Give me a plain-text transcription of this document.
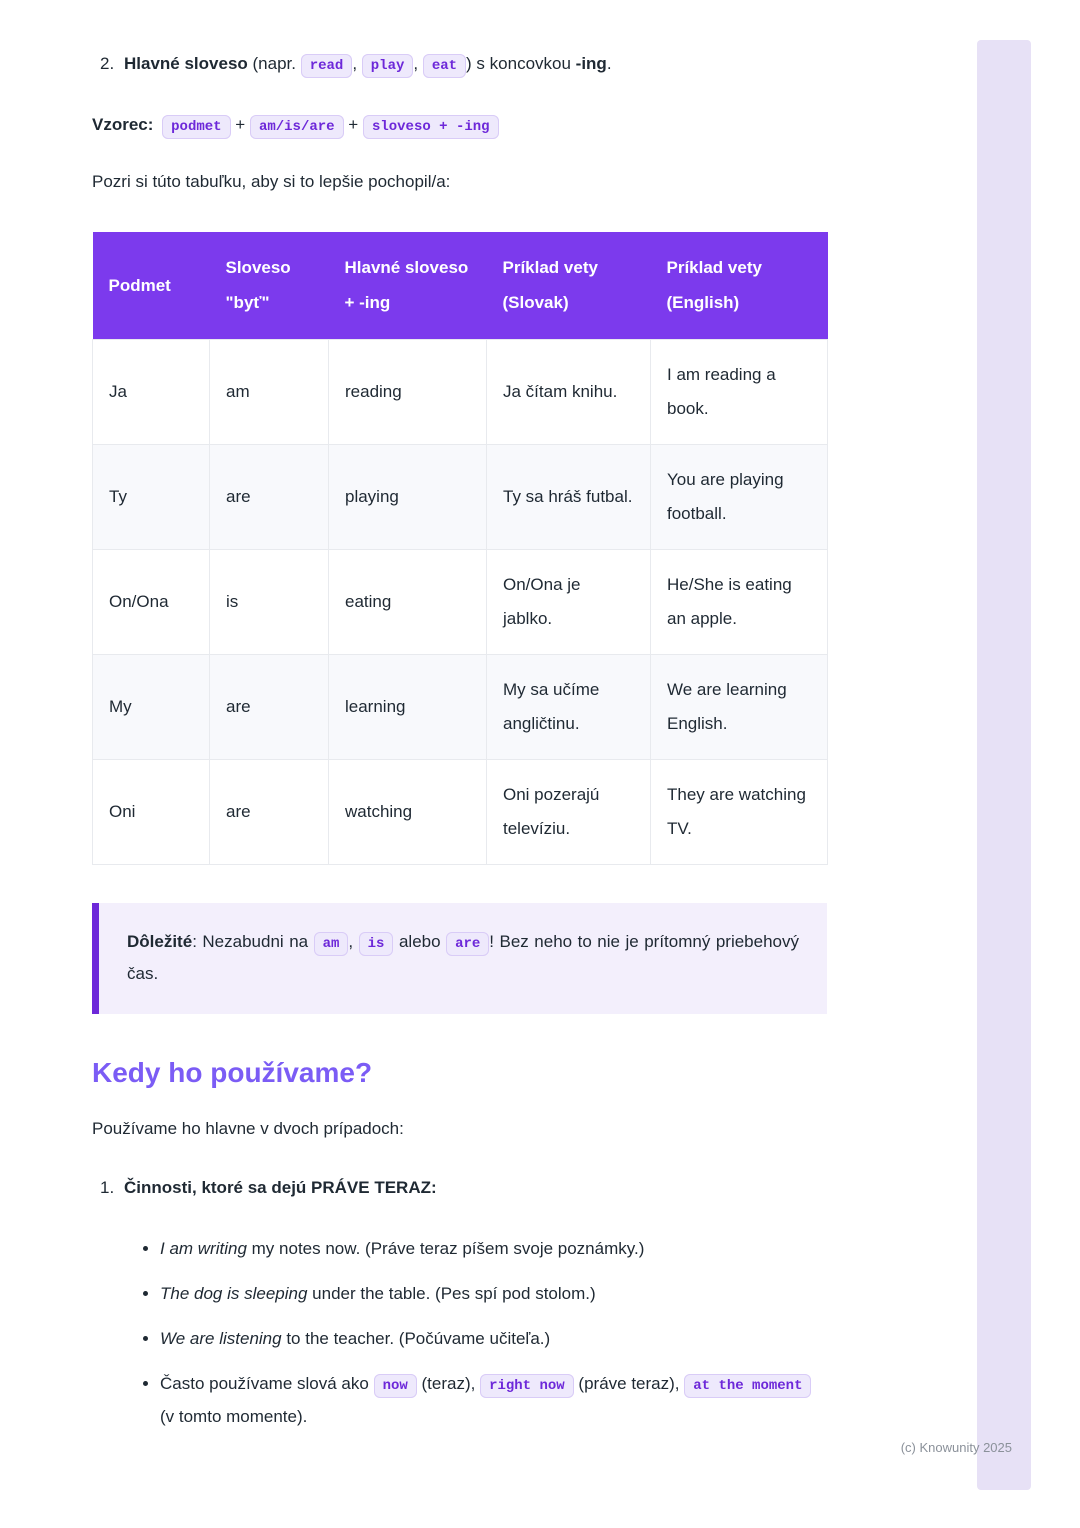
(c) Knowunity 2025
2. Hlavné sloveso (napr. read , play , eat ) s koncovkou -ing.

Vzorec: podmet + am/is/are + sloveso + -ing

Pozri si túto tabuľku, aby si to lepšie pochopil/a:

Podmet	Sloveso "byť"	Hlavné sloveso + -ing	Príklad vety (Slovak)	Príklad vety (English)
Ja	am	reading	Ja čítam knihu.	I am reading a book.
Ty	are	playing	Ty sa hráš futbal.	You are playing football.
On/Ona	is	eating	On/Ona je jablko.	He/She is eating an apple.
My	are	learning	My sa učíme angličtinu.	We are learning English.
Oni	are	watching	Oni pozerajú televíziu.	They are watching TV.

Dôležité: Nezabudni na am , is alebo are ! Bez neho to nie je prítomný priebehový čas.

Kedy ho používame?

Používame ho hlavne v dvoch prípadoch:

1. Činnosti, ktoré sa dejú PRÁVE TERAZ:

• I am writing my notes now. (Práve teraz píšem svoje poznámky.)
• The dog is sleeping under the table. (Pes spí pod stolom.)
• We are listening to the teacher. (Počúvame učiteľa.)
• Často používame slová ako now (teraz), right now (práve teraz), at the moment (v tomto momente).
